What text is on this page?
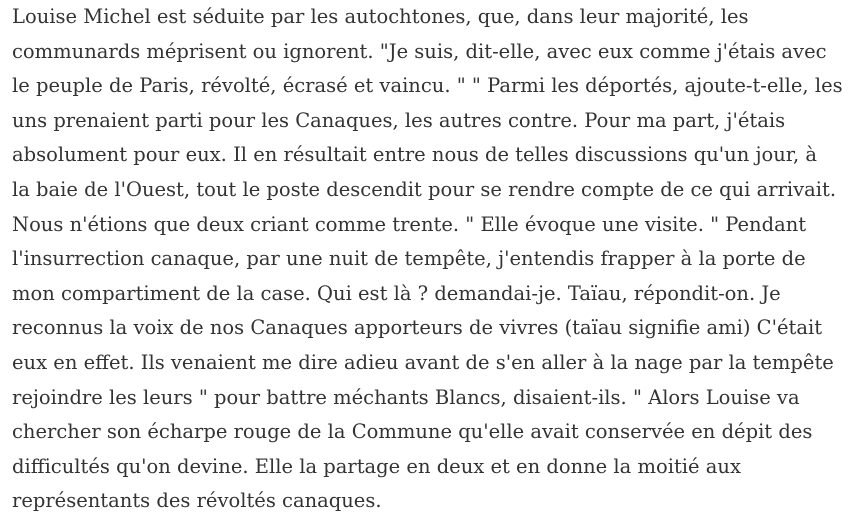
Louise Michel est séduite par les autochtones, que, dans leur majorité, les
communards méprisent ou ignorent. "Je suis, dit-elle, avec eux comme j'étais avec
le peuple de Paris, révolté, écrasé et vaincu. " " Parmi les déportés, ajoute-t-elle, les
uns prenaient parti pour les Canaques, les autres contre. Pour ma part, j'étais
absolument pour eux. Il en résultait entre nous de telles discussions qu'un jour, à
la baie de l'Ouest, tout le poste descendit pour se rendre compte de ce qui arrivait.
Nous n'étions que deux criant comme trente. " Elle évoque une visite. " Pendant
l'insurrection canaque, par une nuit de tempête, j'entendis frapper à la porte de
mon compartiment de la case. Qui est là ? demandai-je. Taïau, répondit-on. Je
reconnus la voix de nos Canaques apporteurs de vivres (taïau signifie ami) C'était
eux en effet. Ils venaient me dire adieu avant de s'en aller à la nage par la tempête
rejoindre les leurs " pour battre méchants Blancs, disaient-ils. " Alors Louise va
chercher son écharpe rouge de la Commune qu'elle avait conservée en dépit des
difficultés qu'on devine. Elle la partage en deux et en donne la moitié aux
représentants des révoltés canaques.
